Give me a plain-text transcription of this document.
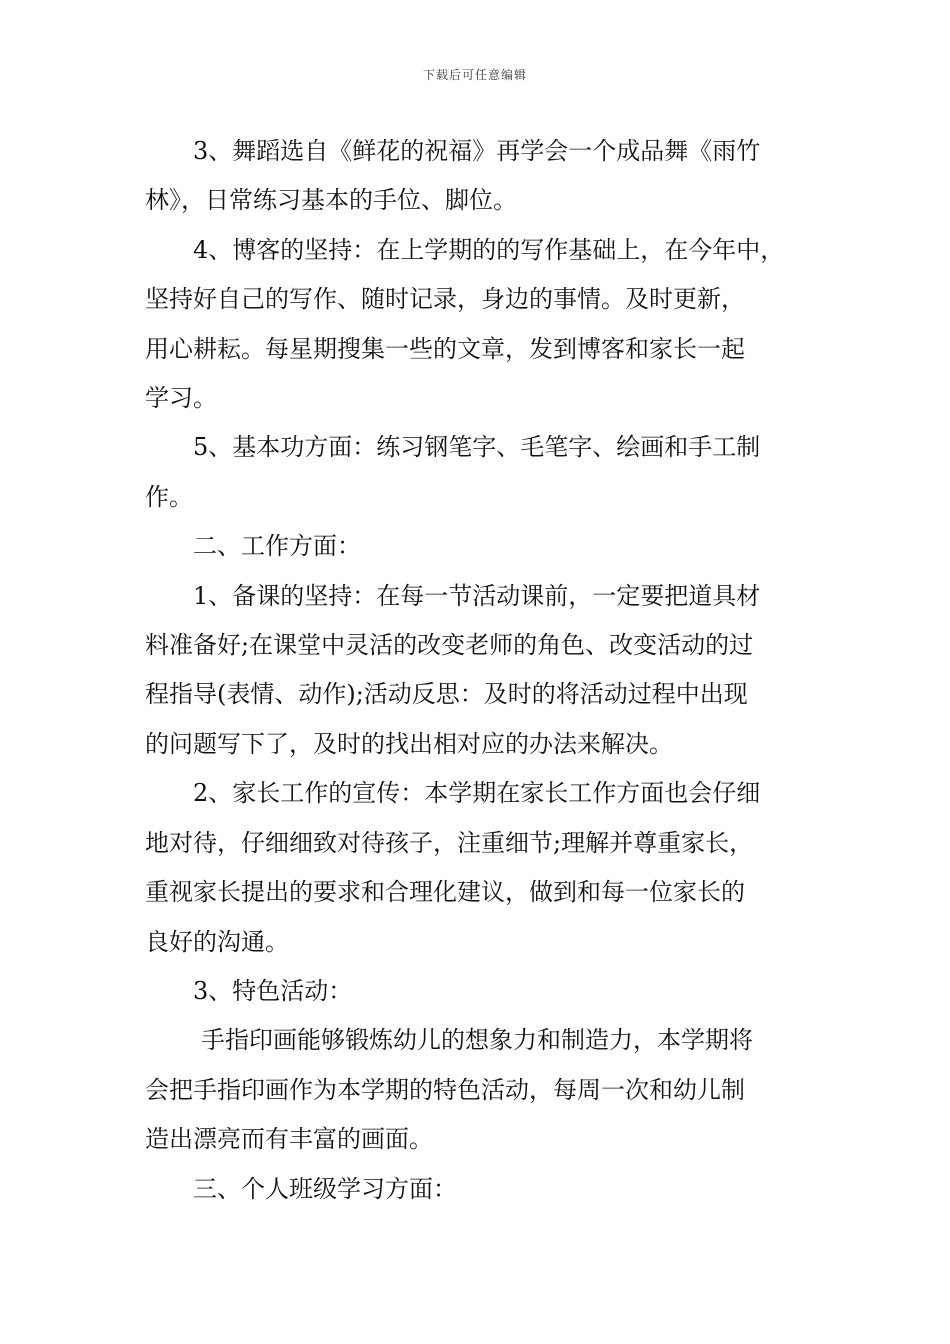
下载后可任意编辑

3、舞蹈选自《鲜花的祝福》再学会一个成品舞《雨竹
林》，日常练习基本的手位、脚位。

4、博客的坚持：在上学期的的写作基础上，在今年中，
坚持好自己的写作、随时记录，身边的事情。及时更新，
用心耕耘。每星期搜集一些的文章，发到博客和家长一起
学习。

5、基本功方面：练习钢笔字、毛笔字、绘画和手工制
作。

二、工作方面：

1、备课的坚持：在每一节活动课前，一定要把道具材
料准备好;在课堂中灵活的改变老师的角色、改变活动的过
程指导(表情、动作);活动反思：及时的将活动过程中出现
的问题写下了，及时的找出相对应的办法来解决。

2、家长工作的宣传：本学期在家长工作方面也会仔细
地对待，仔细细致对待孩子，注重细节;理解并尊重家长，
重视家长提出的要求和合理化建议，做到和每一位家长的
良好的沟通。

3、特色活动：

手指印画能够锻炼幼儿的想象力和制造力，本学期将
会把手指印画作为本学期的特色活动，每周一次和幼儿制
造出漂亮而有丰富的画面。

三、个人班级学习方面：
